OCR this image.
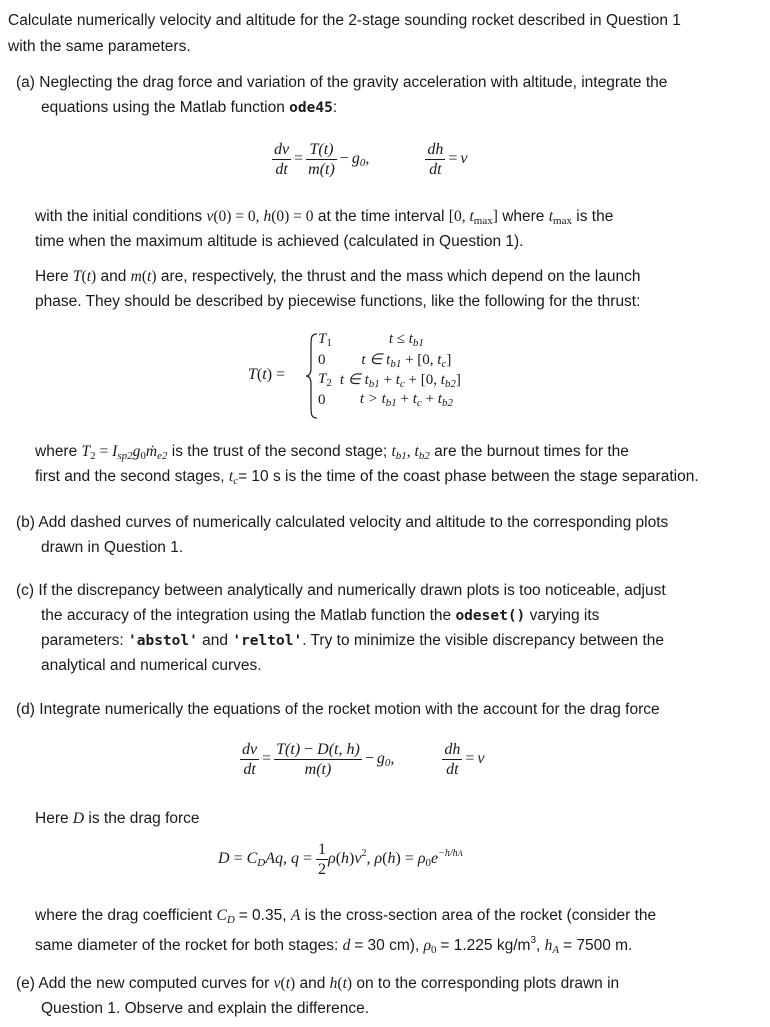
Calculate numerically velocity and altitude for the 2-stage sounding rocket described in Question 1
with the same parameters.
(a) Neglecting the drag force and variation of the gravity acceleration with altitude, integrate the
equations using the Matlab function ode45:
$\frac{dv}{dt} = \frac{T(t)}{m(t)} - g_0$,	$\frac{dh}{dt} = v$
with the initial conditions v(0) = 0, h(0) = 0 at the time interval [0, $t_{max}$] where $t_{max}$ is the
time when the maximum altitude is achieved (calculated in Question 1).
Here T(t) and m(t) are, respectively, the thrust and the mass which depend on the launch
phase. They should be described by piecewise functions, like the following for the thrust:
T(t) =
$T_1$	$t \le t_{b1}$
0	t ∈ $t_{b1} + [0$, $t_c$]
$T_2$	t ∈ $t_{b1} + t_c + [0$, $t_{b2}$]
0	$t > t_{b1} + t_c + t_{b2}$
where $T_2$ = $I_{sp2}g_0ṁ_{e2}$ is the trust of the second stage; $t_{b1}$, $t_{b2}$ are the burnout times for the
first and the second stages, $t_c= 10$ s is the time of the coast phase between the stage separation.
(b) Add dashed curves of numerically calculated velocity and altitude to the corresponding plots
drawn in Question 1.
(c) If the discrepancy between analytically and numerically drawn plots is too noticeable, adjust
the accuracy of the integration using the Matlab function the odeset() varying its
parameters: 'abstol' and 'reltol'. Try to minimize the visible discrepancy between the
analytical and numerical curves.
(d) Integrate numerically the equations of the rocket motion with the account for the drag force
$\frac{dv}{dt} = \frac{T(t) - D(t, h)}{m(t)} - g_0$,	$\frac{dh}{dt} = v$
Here D is the drag force
$D = C_DAq$, $q = \frac{1}{2} \rho(h)v^2$, $\rho(h) = \rho_0e^{-h/hA}$
where the drag coefficient $C_D = 0.35$, A is the cross-section area of the rocket (consider the
same diameter of the rocket for both stages: d = 30 cm), $\rho_0 = 1.225$ $kg/m^3$, $h_A = 7500$ m.
(e) Add the new computed curves for v(t) and h(t) on to the corresponding plots drawn in
Question 1. Observe and explain the difference.
